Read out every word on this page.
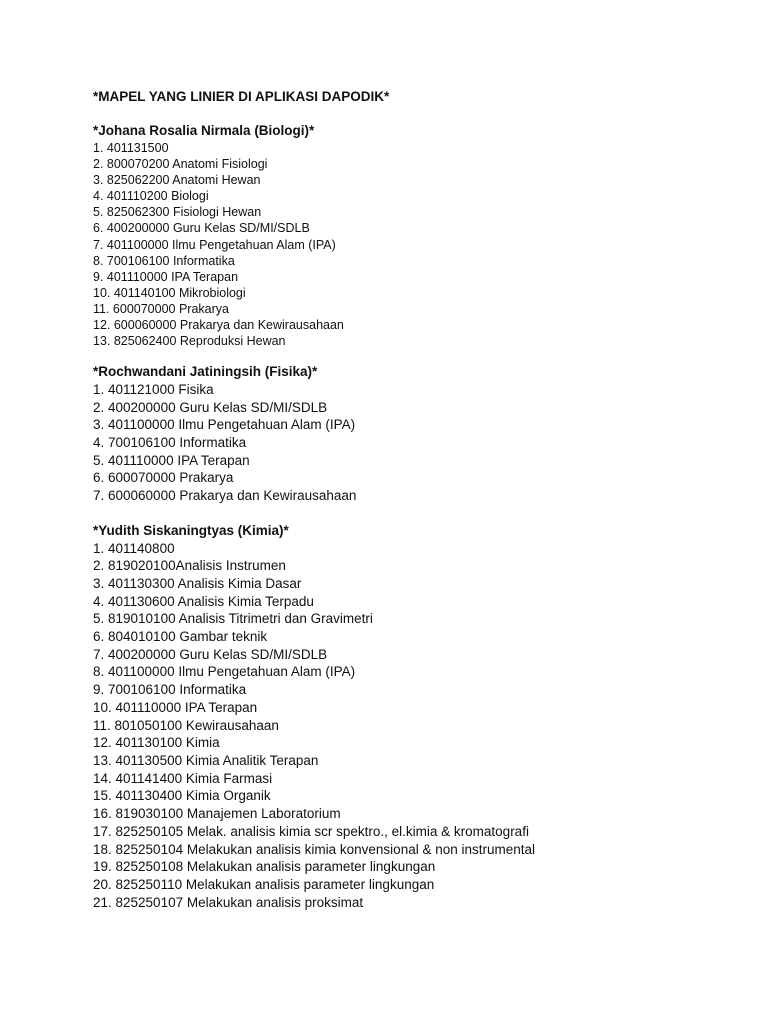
*MAPEL YANG LINIER DI APLIKASI DAPODIK*
*Johana Rosalia Nirmala (Biologi)*
1. 401131500
2. 800070200 Anatomi Fisiologi
3. 825062200 Anatomi Hewan
4. 401110200 Biologi
5. 825062300 Fisiologi Hewan
6. 400200000 Guru Kelas SD/MI/SDLB
7. 401100000 Ilmu Pengetahuan Alam (IPA)
8. 700106100 Informatika
9. 401110000 IPA Terapan
10. 401140100 Mikrobiologi
11. 600070000 Prakarya
12. 600060000 Prakarya dan Kewirausahaan
13. 825062400 Reproduksi Hewan
*Rochwandani Jatiningsih (Fisika)*
1. 401121000 Fisika
2. 400200000 Guru Kelas SD/MI/SDLB
3. 401100000 Ilmu Pengetahuan Alam (IPA)
4. 700106100 Informatika
5. 401110000 IPA Terapan
6. 600070000 Prakarya
7. 600060000 Prakarya dan Kewirausahaan
*Yudith Siskaningtyas (Kimia)*
1. 401140800
2. 819020100Analisis Instrumen
3. 401130300 Analisis Kimia Dasar
4. 401130600 Analisis Kimia Terpadu
5. 819010100 Analisis Titrimetri dan Gravimetri
6. 804010100 Gambar teknik
7. 400200000 Guru Kelas SD/MI/SDLB
8. 401100000 Ilmu Pengetahuan Alam (IPA)
9. 700106100 Informatika
10. 401110000 IPA Terapan
11. 801050100 Kewirausahaan
12. 401130100 Kimia
13. 401130500 Kimia Analitik Terapan
14. 401141400 Kimia Farmasi
15. 401130400 Kimia Organik
16. 819030100 Manajemen Laboratorium
17. 825250105 Melak. analisis kimia scr spektro., el.kimia & kromatografi
18. 825250104 Melakukan analisis kimia konvensional & non instrumental
19. 825250108 Melakukan analisis parameter lingkungan
20. 825250110 Melakukan analisis parameter lingkungan
21. 825250107 Melakukan analisis proksimat
